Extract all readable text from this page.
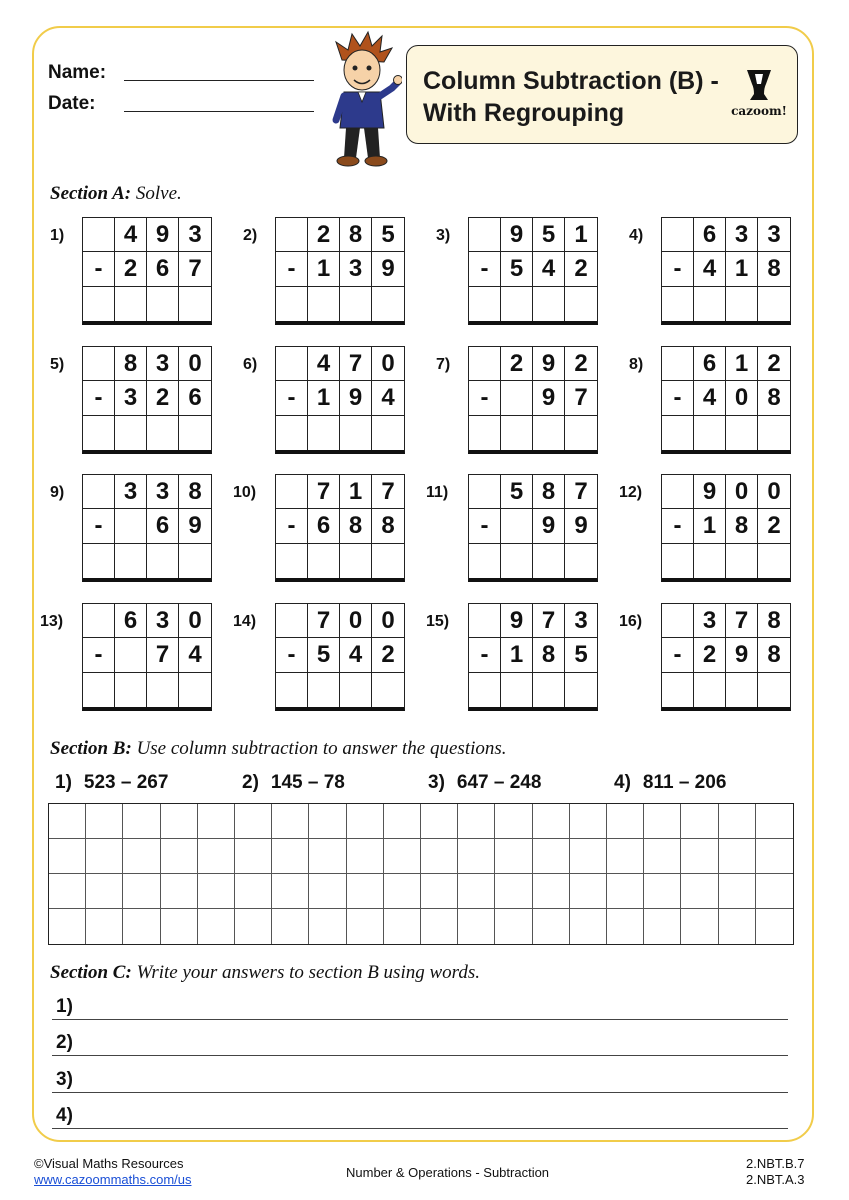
Name:
Date:
Column Subtraction (B) -
With Regrouping	cazoom!
Section A: Solve.
1)	4 9 3
- 2 6 7
2)	2 8 5
- 1 3 9
3)	9 5 1
- 5 4 2
4)	6 3 3
- 4 1 8
5)	8 3 0
- 3 2 6
6)	4 7 0
- 1 9 4
7)	2 9 2
-	9 7
8)	6 1 2
- 4 0 8
9)	3 3 8
-	6 9
10)	7 1 7
- 6 8 8
11)	5 8 7
-	9 9
12)	9 0 0
- 1 8 2
13)	6 3 0
-	7 4
14)	7 0 0
- 5 4 2
15)	9 7 3
- 1 8 5
16)	3 7 8
- 2 9 8
Section B: Use column subtraction to answer the questions.
1) 523 – 267	2) 145 – 78	3) 647 – 248	4) 811 – 206
Section C: Write your answers to section B using words.
1)
2)
3)
4)
©Visual Maths Resources
www.cazoommaths.com/us	Number & Operations - Subtraction
2.NBT.B.7
2.NBT.A.3
